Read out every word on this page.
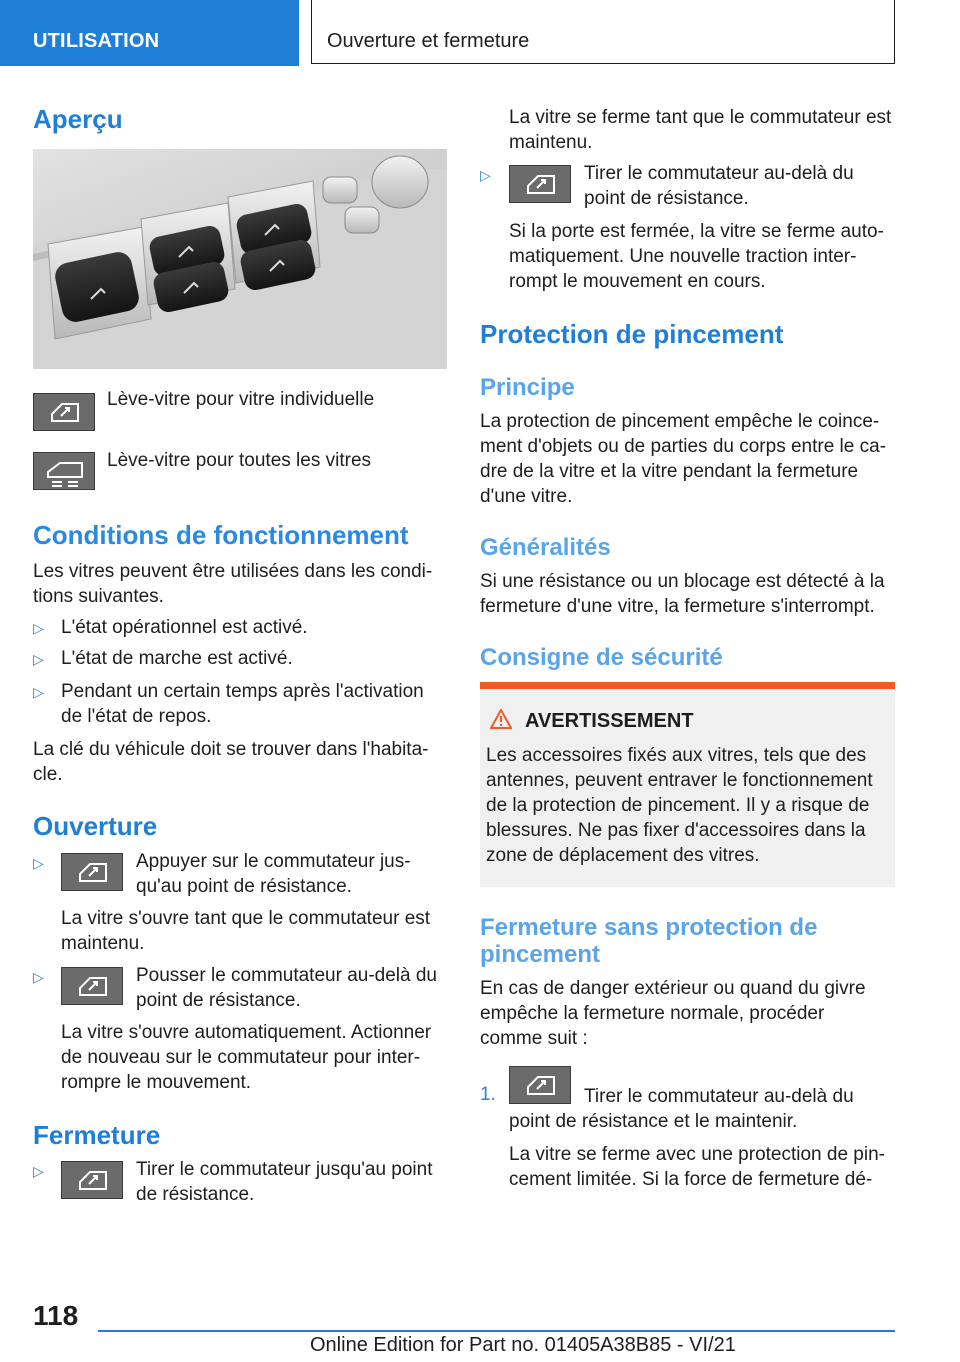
UTILISATION	Ouverture et fermeture
Aperçu
Lève-vitre pour vitre individuelle
Lève-vitre pour toutes les vitres
Conditions de fonctionnement
Les vitres peuvent être utilisées dans les condi-
tions suivantes.
▷ L'état opérationnel est activé.
▷ L'état de marche est activé.
▷ Pendant un certain temps après l'activation
de l'état de repos.
La clé du véhicule doit se trouver dans l'habita-
cle.
Ouverture
▷	Appuyer sur le commutateur jus-
qu'au point de résistance.
La vitre s'ouvre tant que le commutateur est
maintenu.
▷	Pousser le commutateur au-delà du
point de résistance.
La vitre s'ouvre automatiquement. Actionner
de nouveau sur le commutateur pour inter-
rompre le mouvement.
Fermeture
▷	Tirer le commutateur jusqu'au point
de résistance.
La vitre se ferme tant que le commutateur est
maintenu.
▷	Tirer le commutateur au-delà du
point de résistance.
Si la porte est fermée, la vitre se ferme auto-
matiquement. Une nouvelle traction inter-
rompt le mouvement en cours.
Protection de pincement
Principe
La protection de pincement empêche le coince-
ment d'objets ou de parties du corps entre le ca-
dre de la vitre et la vitre pendant la fermeture
d'une vitre.
Généralités
Si une résistance ou un blocage est détecté à la
fermeture d'une vitre, la fermeture s'interrompt.
Consigne de sécurité
AVERTISSEMENT
Les accessoires fixés aux vitres, tels que des
antennes, peuvent entraver le fonctionnement
de la protection de pincement. Il y a risque de
blessures. Ne pas fixer d'accessoires dans la
zone de déplacement des vitres.
Fermeture sans protection de
pincement
En cas de danger extérieur ou quand du givre
empêche la fermeture normale, procéder
comme suit :
1.	Tirer le commutateur au-delà du
point de résistance et le maintenir.
La vitre se ferme avec une protection de pin-
cement limitée. Si la force de fermeture dé-
118
Online Edition for Part no. 01405A38B85 - VI/21
